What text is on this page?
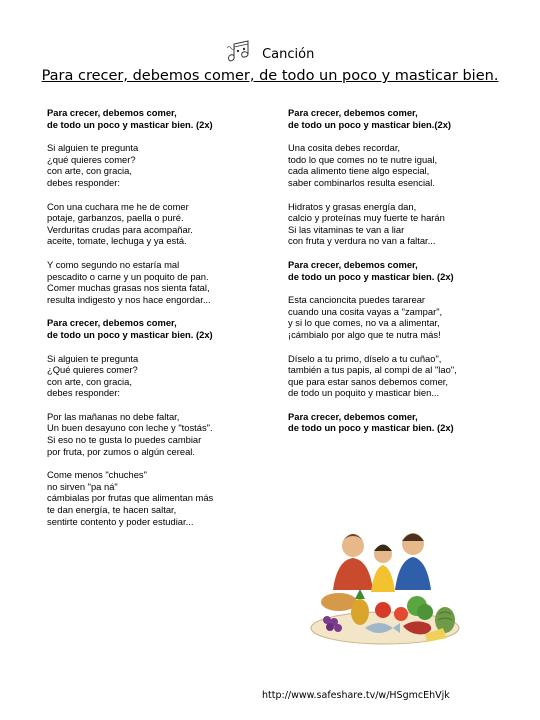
Canción
Para crecer, debemos comer, de todo un poco y masticar bien.
Para crecer, debemos comer,
de todo un poco y masticar bien. (2x)
Si alguien te pregunta
¿qué quieres comer?
con arte, con gracia,
debes responder:
Con una cuchara me he de comer
potaje, garbanzos, paella o puré.
Verduritas crudas para acompañar.
aceite, tomate, lechuga y ya está.
Y como segundo no estaría mal
pescadito o carne y un poquito de pan.
Comer muchas grasas nos sienta fatal,
resulta indigesto y nos hace engordar...
Para crecer, debemos comer,
de todo un poco y masticar bien. (2x)
Si alguien te pregunta
¿Qué quieres comer?
con arte, con gracia,
debes responder:
Por las mañanas no debe faltar,
Un buen desayuno con leche y "tostás".
Si eso no te gusta lo puedes cambiar
por fruta, por zumos o algún cereal.
Come menos "chuches"
no sirven "pa ná"
cámbialas por frutas que alimentan más
te dan energía, te hacen saltar,
sentirte contento y poder estudiar...
Para crecer, debemos comer,
de todo un poco y masticar bien.(2x)
Una cosita debes recordar,
todo lo que comes no te nutre igual,
cada alimento tiene algo especial,
saber combinarlos resulta esencial.
Hidratos y grasas energía dan,
calcio y proteínas muy fuerte te harán
Si las vitaminas te van a liar
con fruta y verdura no van a faltar...
Para crecer, debemos comer,
de todo un poco y masticar bien. (2x)
Esta cancioncita puedes tararear
cuando una cosita vayas a "zampar",
y si lo que comes, no va a alimentar,
¡cámbialo por algo que te nutra más!
Díselo a tu primo, díselo a tu cuñao",
también a tus papis, al compi de al "lao",
que para estar sanos debemos comer,
de todo un poquito y masticar bien...
Para crecer, debemos comer,
de todo un poco y masticar bien. (2x)
http://www.safeshare.tv/w/HSgmcEhVjk
